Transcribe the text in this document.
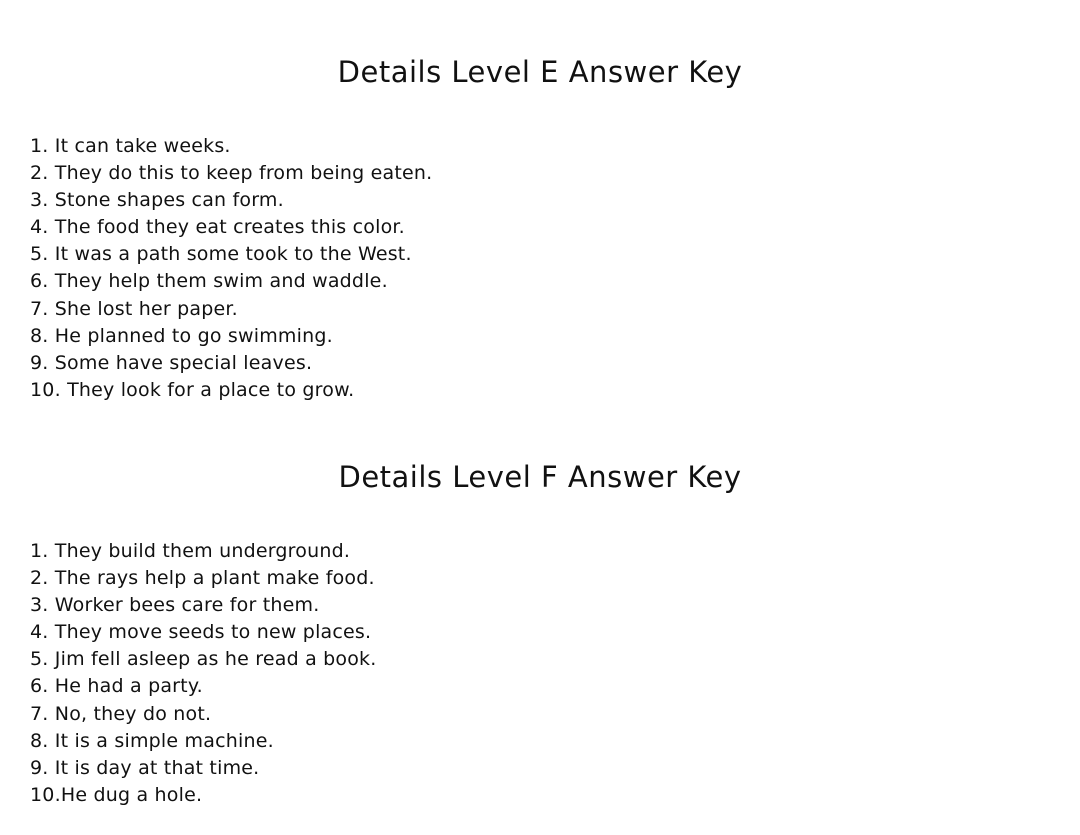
Details Level E Answer Key
1. It can take weeks.
2. They do this to keep from being eaten.
3. Stone shapes can form.
4. The food they eat creates this color.
5. It was a path some took to the West.
6. They help them swim and waddle.
7. She lost her paper.
8. He planned to go swimming.
9. Some have special leaves.
10. They look for a place to grow.
Details Level F Answer Key
1. They build them underground.
2. The rays help a plant make food.
3. Worker bees care for them.
4. They move seeds to new places.
5. Jim fell asleep as he read a book.
6. He had a party.
7. No, they do not.
8. It is a simple machine.
9. It is day at that time.
10.He dug a hole.
